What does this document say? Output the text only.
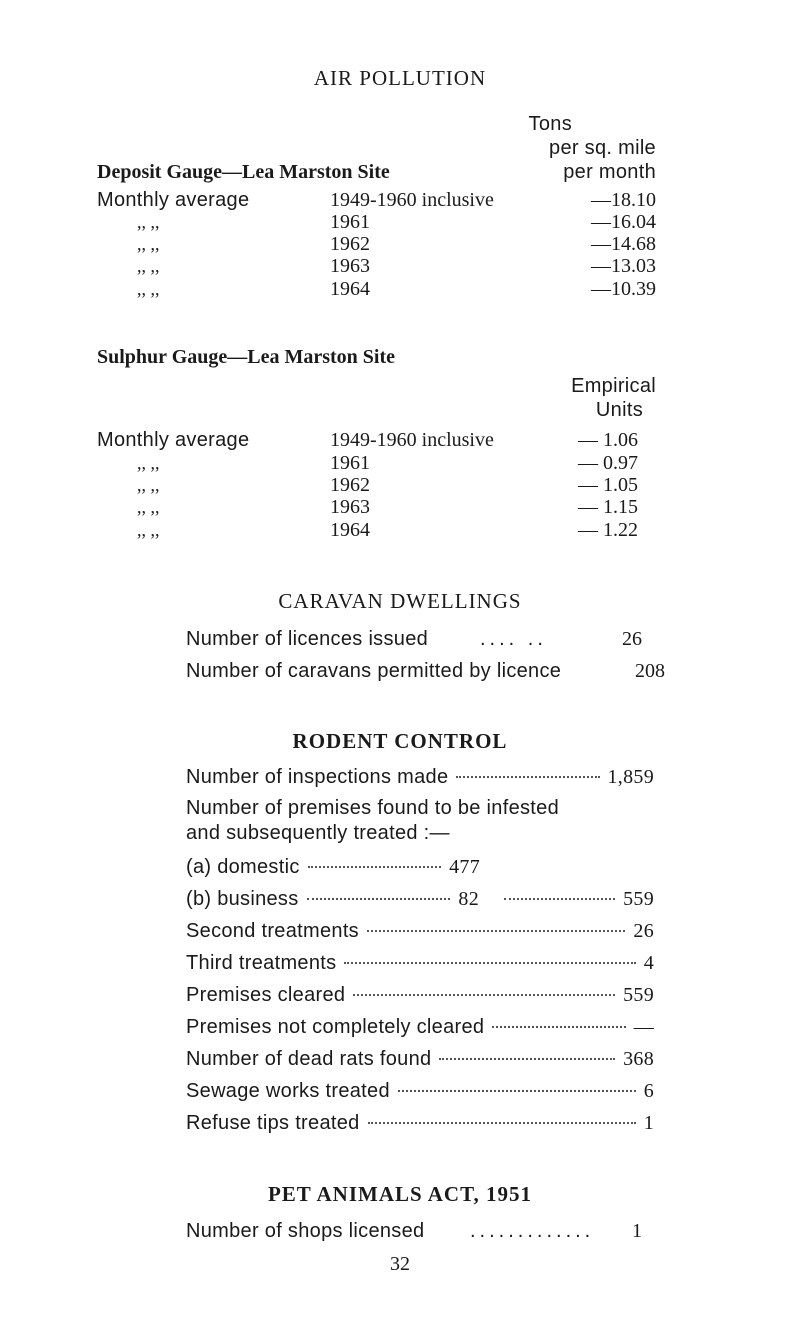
AIR POLLUTION
Tons
per sq. mile
per month
Deposit Gauge—Lea Marston Site
Monthly average	1949-1960 inclusive	—18.10
,, ,,	1961	—16.04
,, ,,	1962	—14.68
,, ,,	1963	—13.03
,, ,,	1964	—10.39
Sulphur Gauge—Lea Marston Site
Empirical
Units
Monthly average	1949-1960 inclusive	— 1.06
,, ,,	1961	— 0.97
,, ,,	1962	— 1.05
,, ,,	1963	— 1.15
,, ,,	1964	— 1.22
CARAVAN DWELLINGS
Number of licences issued	.... ..	26
Number of caravans permitted by licence	208
RODENT CONTROL
Number of inspections made	1,859
Number of premises found to be infested
and subsequently treated :—
(a) domestic	477
(b) business	82	559
Second treatments	26
Third treatments	4
Premises cleared	559
Premises not completely cleared	—
Number of dead rats found	368
Sewage works treated	6
Refuse tips treated	1
PET ANIMALS ACT, 1951
Number of shops licensed ............. 1
32
